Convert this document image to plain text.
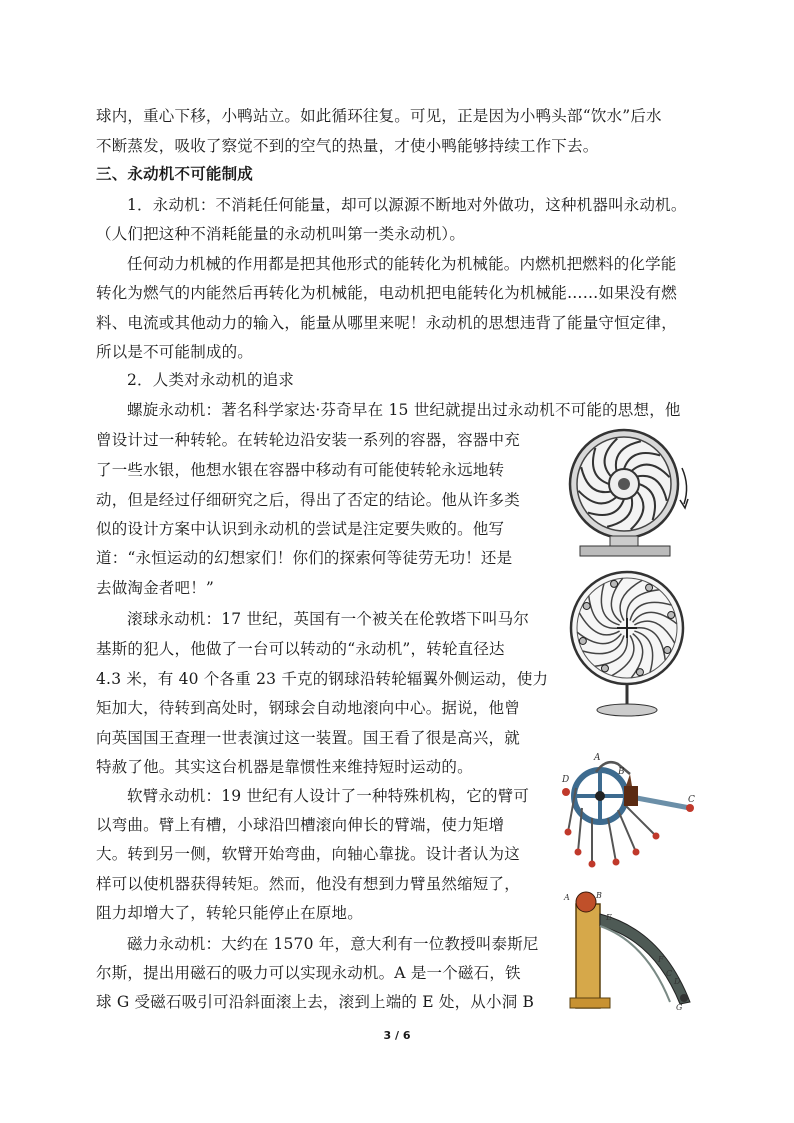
球内，重心下移，小鸭站立。如此循环往复。可见，正是因为小鸭头部“饮水”后水
不断蒸发，吸收了察觉不到的空气的热量，才使小鸭能够持续工作下去。
三、永动机不可能制成
1．永动机：不消耗任何能量，却可以源源不断地对外做功，这种机器叫永动机。
（人们把这种不消耗能量的永动机叫第一类永动机）。
任何动力机械的作用都是把其他形式的能转化为机械能。内燃机把燃料的化学能
转化为燃气的内能然后再转化为机械能，电动机把电能转化为机械能……如果没有燃
料、电流或其他动力的输入，能量从哪里来呢！永动机的思想违背了能量守恒定律，
所以是不可能制成的。
2．人类对永动机的追求
螺旋永动机：著名科学家达·芬奇早在 15 世纪就提出过永动机不可能的思想，他
曾设计过一种转轮。在转轮边沿安装一系列的容器，容器中充
了一些水银，他想水银在容器中移动有可能使转轮永远地转
动，但是经过仔细研究之后，得出了否定的结论。他从许多类
似的设计方案中认识到永动机的尝试是注定要失败的。他写
道：“永恒运动的幻想家们！你们的探索何等徒劳无功！还是
去做淘金者吧！”
滚球永动机：17 世纪，英国有一个被关在伦敦塔下叫马尔
基斯的犯人，他做了一台可以转动的“永动机”，转轮直径达
4.3 米，有 40 个各重 23 千克的钢球沿转轮辐翼外侧运动，使力
矩加大，待转到高处时，钢球会自动地滚向中心。据说，他曾
向英国国王查理一世表演过这一装置。国王看了很是高兴，就
特赦了他。其实这台机器是靠惯性来维持短时运动的。
软臂永动机：19 世纪有人设计了一种特殊机构，它的臂可
以弯曲。臂上有槽，小球沿凹槽滚向伸长的臂端，使力矩增
大。转到另一侧，软臂开始弯曲，向轴心靠拢。设计者认为这
样可以使机器获得转矩。然而，他没有想到力臂虽然缩短了，
阻力却增大了，转轮只能停止在原地。
磁力永动机：大约在 1570 年，意大利有一位教授叫泰斯尼
尔斯，提出用磁石的吸力可以实现永动机。A 是一个磁石，铁
球 G 受磁石吸引可沿斜面滚上去，滚到上端的 E 处，从小洞 B
A
B
C
D
A	B
E
F
C
D
G
3 / 6
